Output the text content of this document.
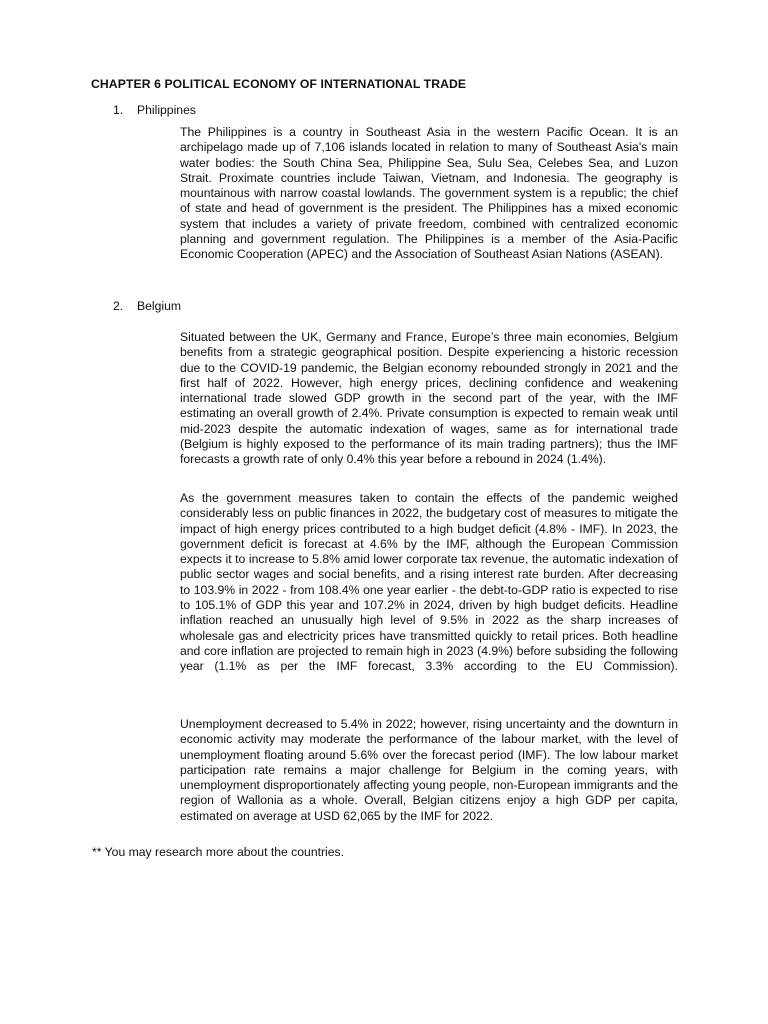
CHAPTER 6 POLITICAL ECONOMY OF INTERNATIONAL TRADE
1. Philippines

The Philippines is a country in Southeast Asia in the western Pacific Ocean. It is an archipelago made up of 7,106 islands located in relation to many of Southeast Asia's main water bodies: the South China Sea, Philippine Sea, Sulu Sea, Celebes Sea, and Luzon Strait. Proximate countries include Taiwan, Vietnam, and Indonesia. The geography is mountainous with narrow coastal lowlands. The government system is a republic; the chief of state and head of government is the president. The Philippines has a mixed economic system that includes a variety of private freedom, combined with centralized economic planning and government regulation. The Philippines is a member of the Asia-Pacific Economic Cooperation (APEC) and the Association of Southeast Asian Nations (ASEAN).

2. Belgium

Situated between the UK, Germany and France, Europe’s three main economies, Belgium benefits from a strategic geographical position. Despite experiencing a historic recession due to the COVID-19 pandemic, the Belgian economy rebounded strongly in 2021 and the first half of 2022. However, high energy prices, declining confidence and weakening international trade slowed GDP growth in the second part of the year, with the IMF estimating an overall growth of 2.4%. Private consumption is expected to remain weak until mid-2023 despite the automatic indexation of wages, same as for international trade (Belgium is highly exposed to the performance of its main trading partners); thus the IMF forecasts a growth rate of only 0.4% this year before a rebound in 2024 (1.4%).

As the government measures taken to contain the effects of the pandemic weighed considerably less on public finances in 2022, the budgetary cost of measures to mitigate the impact of high energy prices contributed to a high budget deficit (4.8% - IMF). In 2023, the government deficit is forecast at 4.6% by the IMF, although the European Commission expects it to increase to 5.8% amid lower corporate tax revenue, the automatic indexation of public sector wages and social benefits, and a rising interest rate burden. After decreasing to 103.9% in 2022 - from 108.4% one year earlier - the debt-to-GDP ratio is expected to rise to 105.1% of GDP this year and 107.2% in 2024, driven by high budget deficits. Headline inflation reached an unusually high level of 9.5% in 2022 as the sharp increases of wholesale gas and electricity prices have transmitted quickly to retail prices. Both headline and core inflation are projected to remain high in 2023 (4.9%) before subsiding the following year (1.1% as per the IMF forecast, 3.3% according to the EU Commission).

Unemployment decreased to 5.4% in 2022; however, rising uncertainty and the downturn in economic activity may moderate the performance of the labour market, with the level of unemployment floating around 5.6% over the forecast period (IMF). The low labour market participation rate remains a major challenge for Belgium in the coming years, with unemployment disproportionately affecting young people, non-European immigrants and the region of Wallonia as a whole. Overall, Belgian citizens enjoy a high GDP per capita, estimated on average at USD 62,065 by the IMF for 2022.

** You may research more about the countries.
